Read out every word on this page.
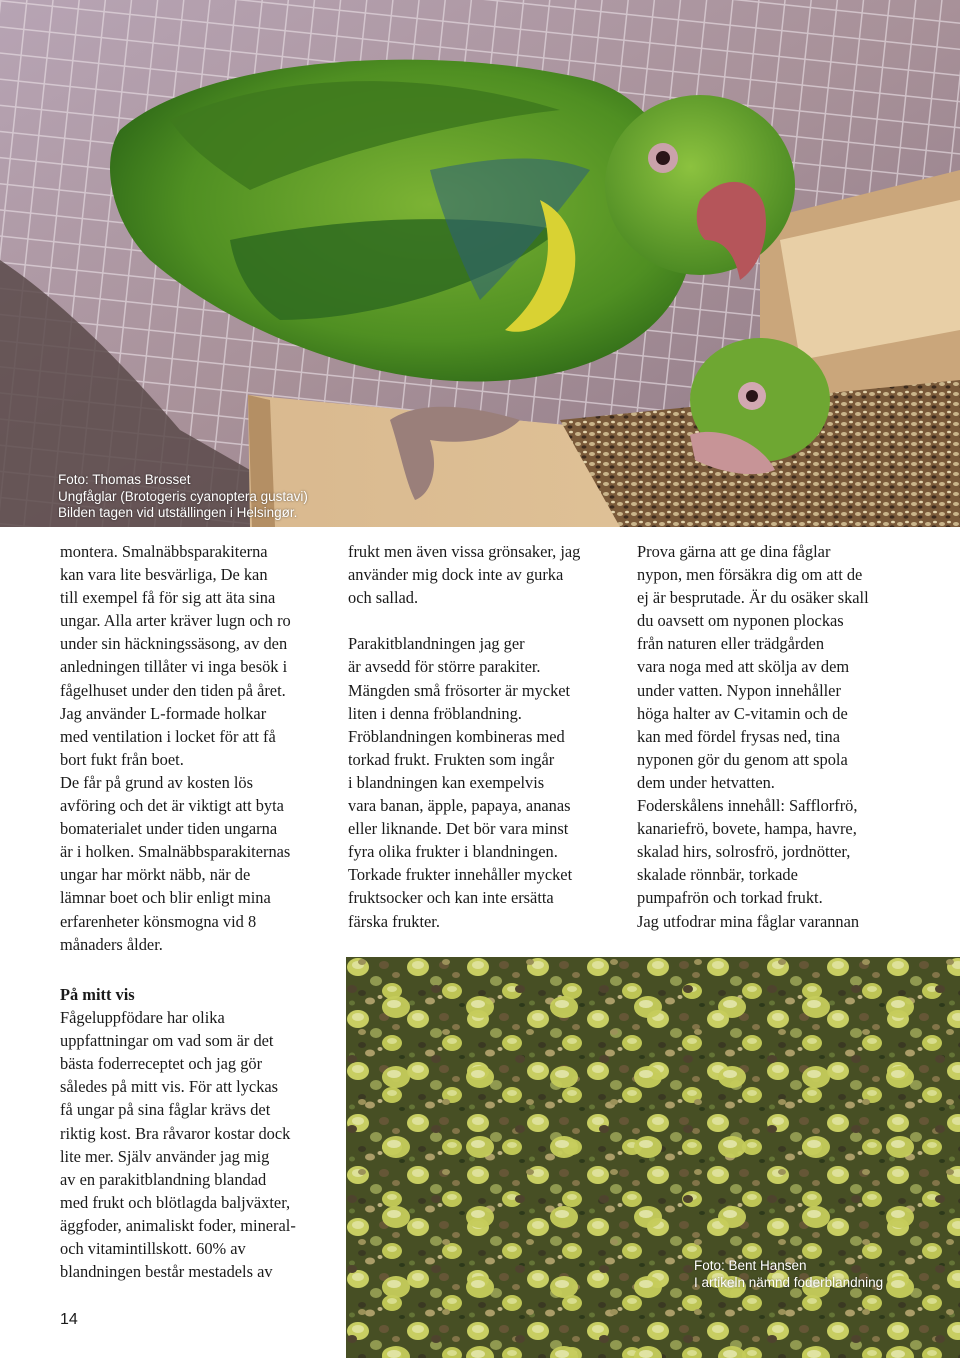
Foto: Thomas Brosset
Ungfåglar (Brotogeris cyanoptera gustavi)
Bilden tagen vid utställingen i Helsingør.
montera. Smalnäbbsparakiterna
kan vara lite besvärliga, De kan
till exempel få för sig att äta sina
ungar. Alla arter kräver lugn och ro
under sin häckningssäsong, av den
anledningen tillåter vi inga besök i
fågelhuset under den tiden på året.
Jag använder L-formade holkar
med ventilation i locket för att få
bort fukt från boet.
De får på grund av kosten lös
avföring och det är viktigt att byta
bomaterialet under tiden ungarna
är i holken. Smalnäbbsparakiternas
ungar har mörkt näbb, när de
lämnar boet och blir enligt mina
erfarenheter könsmogna vid 8
månaders ålder.
På mitt vis
Fågeluppfödare har olika
uppfattningar om vad som är det
bästa foderreceptet och jag gör
således på mitt vis. För att lyckas
få ungar på sina fåglar krävs det
riktig kost. Bra råvaror kostar dock
lite mer. Själv använder jag mig
av en parakitblandning blandad
med frukt och blötlagda baljväxter,
äggfoder, animaliskt foder, mineral-
och vitamintillskott. 60% av
blandningen består mestadels av
frukt men även vissa grönsaker, jag
använder mig dock inte av gurka
och sallad.
Parakitblandningen jag ger
är avsedd för större parakiter.
Mängden små frösorter är mycket
liten i denna fröblandning.
Fröblandningen kombineras med
torkad frukt. Frukten som ingår
i blandningen kan exempelvis
vara banan, äpple, papaya, ananas
eller liknande. Det bör vara minst
fyra olika frukter i blandningen.
Torkade frukter innehåller mycket
fruktsocker och kan inte ersätta
färska frukter.
Prova gärna att ge dina fåglar
nypon, men försäkra dig om att de
ej är besprutade. Är du osäker skall
du oavsett om nyponen plockas
från naturen eller trädgården
vara noga med att skölja av dem
under vatten. Nypon innehåller
höga halter av C-vitamin och de
kan med fördel frysas ned, tina
nyponen gör du genom att spola
dem under hetvatten.
Foderskålens innehåll: Safflorfrö,
kanariefrö, bovete, hampa, havre,
skalad hirs, solrosfrö, jordnötter,
skalade rönnbär, torkade
pumpafrön och torkad frukt.
Jag utfodrar mina fåglar varannan
Foto: Bent Hansen
I artikeln nämnd foderblandning
14
